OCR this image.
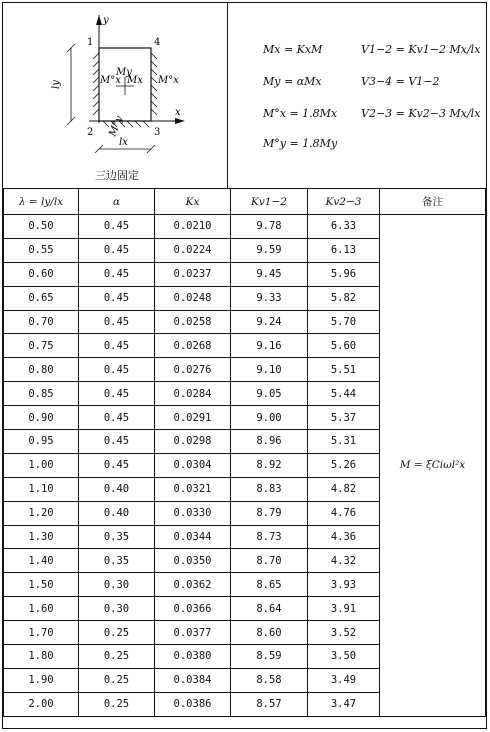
y
x
1	4
2	3
M°x
My
Mx M°x
M°y
ly
lx
三边固定
Mx = KxM
My = αMx
M°x = 1.8Mx
M°y = 1.8My
V1−2 = Kv1−2 Mx/lx
V3−4 = V1−2
V2−3 = Kv2−3 Mx/lx
λ = ly/lx	α	Kx	Kv1−2	Kv2−3	备注
0.50	0.45	0.0210	9.78	6.33	M = ξCiωl²x
0.55	0.45	0.0224	9.59	6.13	
0.60	0.45	0.0237	9.45	5.96	
0.65	0.45	0.0248	9.33	5.82	
0.70	0.45	0.0258	9.24	5.70	
0.75	0.45	0.0268	9.16	5.60	
0.80	0.45	0.0276	9.10	5.51	
0.85	0.45	0.0284	9.05	5.44	
0.90	0.45	0.0291	9.00	5.37	
0.95	0.45	0.0298	8.96	5.31	
1.00	0.45	0.0304	8.92	5.26	
1.10	0.40	0.0321	8.83	4.82	
1.20	0.40	0.0330	8.79	4.76	
1.30	0.35	0.0344	8.73	4.36	
1.40	0.35	0.0350	8.70	4.32	
1.50	0.30	0.0362	8.65	3.93	
1.60	0.30	0.0366	8.64	3.91	
1.70	0.25	0.0377	8.60	3.52	
1.80	0.25	0.0380	8.59	3.50	
1.90	0.25	0.0384	8.58	3.49	
2.00	0.25	0.0386	8.57	3.47	
